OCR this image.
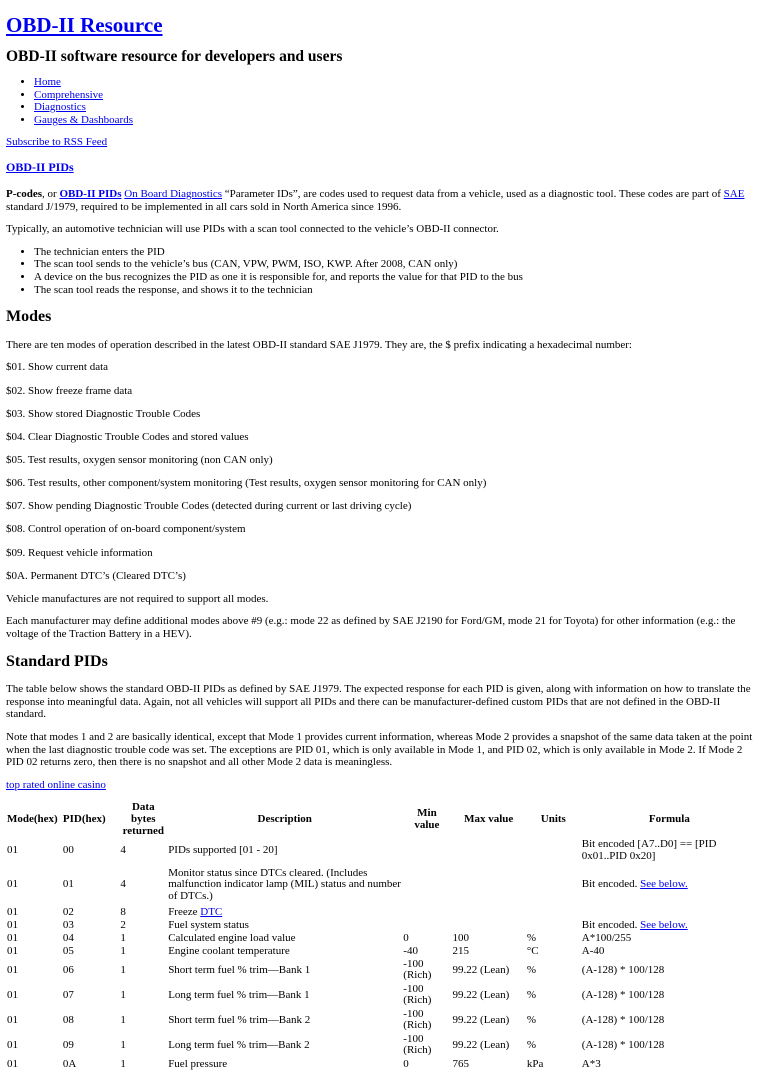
OBD-II Resource
OBD-II software resource for developers and users
• Home
• Comprehensive
• Diagnostics
• Gauges & Dashboards

Subscribe to RSS Feed

OBD-II PIDs

P-codes, or OBD-II PIDs On Board Diagnostics “Parameter IDs”, are codes used to request data from a vehicle, used as a diagnostic tool. These codes are part of SAE standard J/1979, required to be implemented in all cars sold in North America since 1996.

Typically, an automotive technician will use PIDs with a scan tool connected to the vehicle’s OBD-II connector.

• The technician enters the PID
• The scan tool sends to the vehicle’s bus (CAN, VPW, PWM, ISO, KWP. After 2008, CAN only)
• A device on the bus recognizes the PID as one it is responsible for, and reports the value for that PID to the bus
• The scan tool reads the response, and shows it to the technician
Modes

There are ten modes of operation described in the latest OBD-II standard SAE J1979. They are, the $ prefix indicating a hexadecimal number:

$01. Show current data

$02. Show freeze frame data

$03. Show stored Diagnostic Trouble Codes

$04. Clear Diagnostic Trouble Codes and stored values

$05. Test results, oxygen sensor monitoring (non CAN only)

$06. Test results, other component/system monitoring (Test results, oxygen sensor monitoring for CAN only)

$07. Show pending Diagnostic Trouble Codes (detected during current or last driving cycle)

$08. Control operation of on-board component/system

$09. Request vehicle information

$0A. Permanent DTC’s (Cleared DTC’s)

Vehicle manufactures are not required to support all modes.

Each manufacturer may define additional modes above #9 (e.g.: mode 22 as defined by SAE J2190 for Ford/GM, mode 21 for Toyota) for other information (e.g.: the voltage of the Traction Battery in a HEV).

Standard PIDs

The table below shows the standard OBD-II PIDs as defined by SAE J1979. The expected response for each PID is given, along with information on how to translate the response into meaningful data. Again, not all vehicles will support all PIDs and there can be manufacturer-defined custom PIDs that are not defined in the OBD-II standard.

Note that modes 1 and 2 are basically identical, except that Mode 1 provides current information, whereas Mode 2 provides a snapshot of the same data taken at the point when the last diagnostic trouble code was set. The exceptions are PID 01, which is only available in Mode 1, and PID 02, which is only available in Mode 2. If Mode 2 PID 02 returns zero, then there is no snapshot and all other Mode 2 data is meaningless.

top rated online casino

Mode(hex)	PID(hex)	Data bytes returned	Description	Min value	Max value	Units	Formula
01	00	4	PIDs supported [01 - 20]				Bit encoded [A7..D0] == [PID 0x01..PID 0x20]
01	01	4	Monitor status since DTCs cleared. (Includes malfunction indicator lamp (MIL) status and number of DTCs.)				Bit encoded. See below.
01	02	8	Freeze DTC				
01	03	2	Fuel system status				Bit encoded. See below.
01	04	1	Calculated engine load value	0	100	%	A*100/255
01	05	1	Engine coolant temperature	-40	215	°C	A-40
01	06	1	Short term fuel % trim—Bank 1	-100 (Rich)	99.22 (Lean)	%	(A-128) * 100/128
01	07	1	Long term fuel % trim—Bank 1	-100 (Rich)	99.22 (Lean)	%	(A-128) * 100/128
01	08	1	Short term fuel % trim—Bank 2	-100 (Rich)	99.22 (Lean)	%	(A-128) * 100/128
01	09	1	Long term fuel % trim—Bank 2	-100 (Rich)	99.22 (Lean)	%	(A-128) * 100/128
01	0A	1	Fuel pressure	0	765	kPa	A*3
